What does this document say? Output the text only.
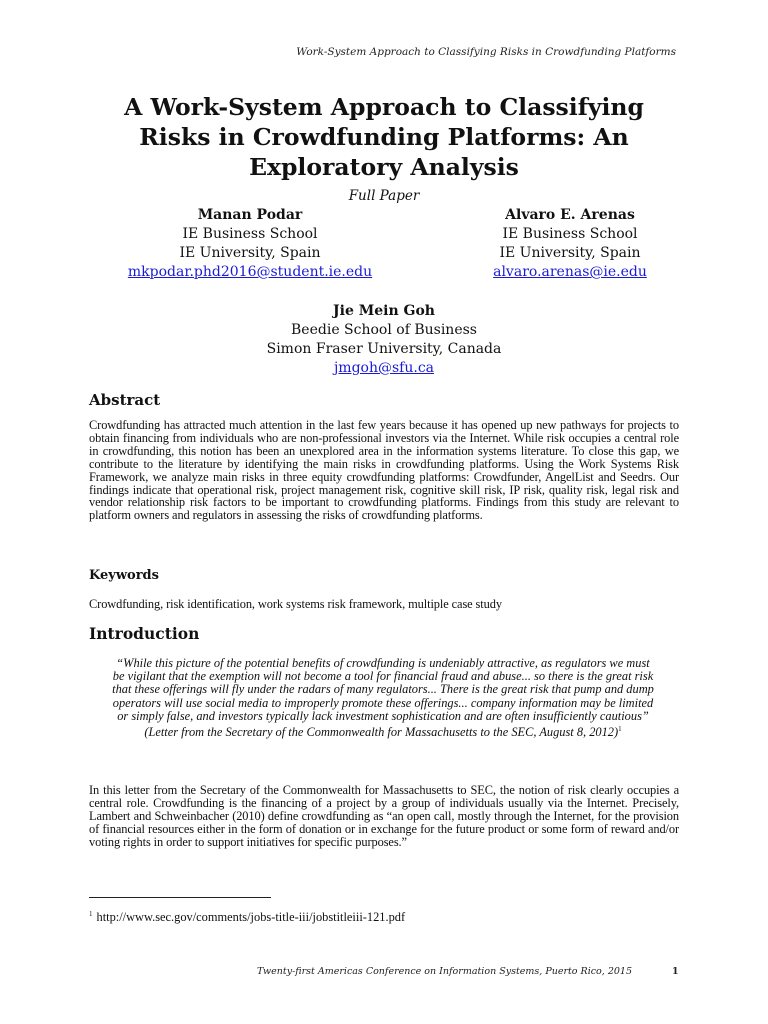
Work-System Approach to Classifying Risks in Crowdfunding Platforms
A Work-System Approach to Classifying Risks in Crowdfunding Platforms: An Exploratory Analysis
Full Paper
Manan Podar
IE Business School
IE University, Spain
mkpodar.phd2016@student.ie.edu
Alvaro E. Arenas
IE Business School
IE University, Spain
alvaro.arenas@ie.edu
Jie Mein Goh
Beedie School of Business
Simon Fraser University, Canada
jmgoh@sfu.ca
Abstract

Crowdfunding has attracted much attention in the last few years because it has opened up new pathways for projects to obtain financing from individuals who are non-professional investors via the Internet. While risk occupies a central role in crowdfunding, this notion has been an unexplored area in the information systems literature. To close this gap, we contribute to the literature by identifying the main risks in crowdfunding platforms. Using the Work Systems Risk Framework, we analyze main risks in three equity crowdfunding platforms: Crowdfunder, AngelList and Seedrs. Our findings indicate that operational risk, project management risk, cognitive skill risk, IP risk, quality risk, legal risk and vendor relationship risk factors to be important to crowdfunding platforms. Findings from this study are relevant to platform owners and regulators in assessing the risks of crowdfunding platforms.

Keywords

Crowdfunding, risk identification, work systems risk framework, multiple case study

Introduction

“While this picture of the potential benefits of crowdfunding is undeniably attractive, as regulators we must be vigilant that the exemption will not become a tool for financial fraud and abuse... so there is the great risk that these offerings will fly under the radars of many regulators... There is the great risk that pump and dump operators will use social media to improperly promote these offerings... company information may be limited or simply false, and investors typically lack investment sophistication and are often insufficiently cautious” (Letter from the Secretary of the Commonwealth for Massachusetts to the SEC, August 8, 2012)$^1$

In this letter from the Secretary of the Commonwealth for Massachusetts to SEC, the notion of risk clearly occupies a central role. Crowdfunding is the financing of a project by a group of individuals usually via the Internet. Precisely, Lambert and Schweinbacher (2010) define crowdfunding as “an open call, mostly through the Internet, for the provision of financial resources either in the form of donation or in exchange for the future product or some form of reward and/or voting rights in order to support initiatives for specific purposes.”

$^1$ http://www.sec.gov/comments/jobs-title-iii/jobstitleiii-121.pdf
Twenty-first Americas Conference on Information Systems, Puerto Rico, 2015	1
